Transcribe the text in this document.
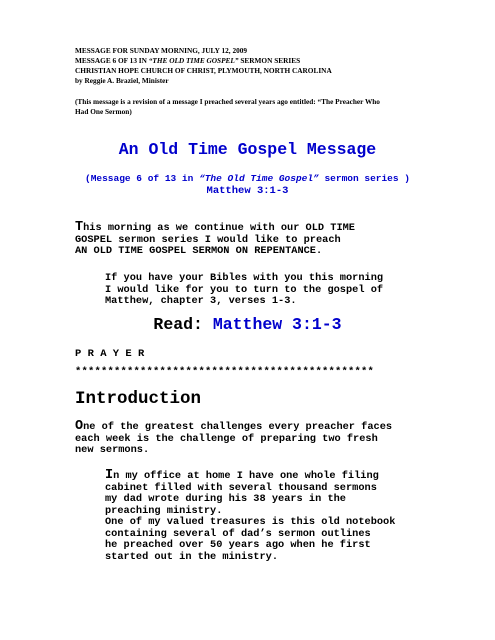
MESSAGE FOR SUNDAY MORNING, JULY 12, 2009
MESSAGE 6 OF 13 IN “THE OLD TIME GOSPEL” SERMON SERIES
CHRISTIAN HOPE CHURCH OF CHRIST, PLYMOUTH, NORTH CAROLINA
by Reggie A. Braziel, Minister
(This message is a revision of a message I preached several years ago entitled: “The Preacher Who
Had One Sermon)
An Old Time Gospel Message
(Message 6 of 13 in “The Old Time Gospel” sermon series )
Matthew 3:1-3
This morning as we continue with our OLD TIME
GOSPEL sermon series I would like to preach
AN OLD TIME GOSPEL SERMON ON REPENTANCE.
If you have your Bibles with you this morning
I would like for you to turn to the gospel of
Matthew, chapter 3, verses 1-3.
Read: Matthew 3:1-3
P R A Y E R
**********************************************
Introduction
One of the greatest challenges every preacher faces
each week is the challenge of preparing two fresh
new sermons.
In my office at home I have one whole filing
cabinet filled with several thousand sermons
my dad wrote during his 38 years in the
preaching ministry.
One of my valued treasures is this old notebook
containing several of dad’s sermon outlines
he preached over 50 years ago when he first
started out in the ministry.
